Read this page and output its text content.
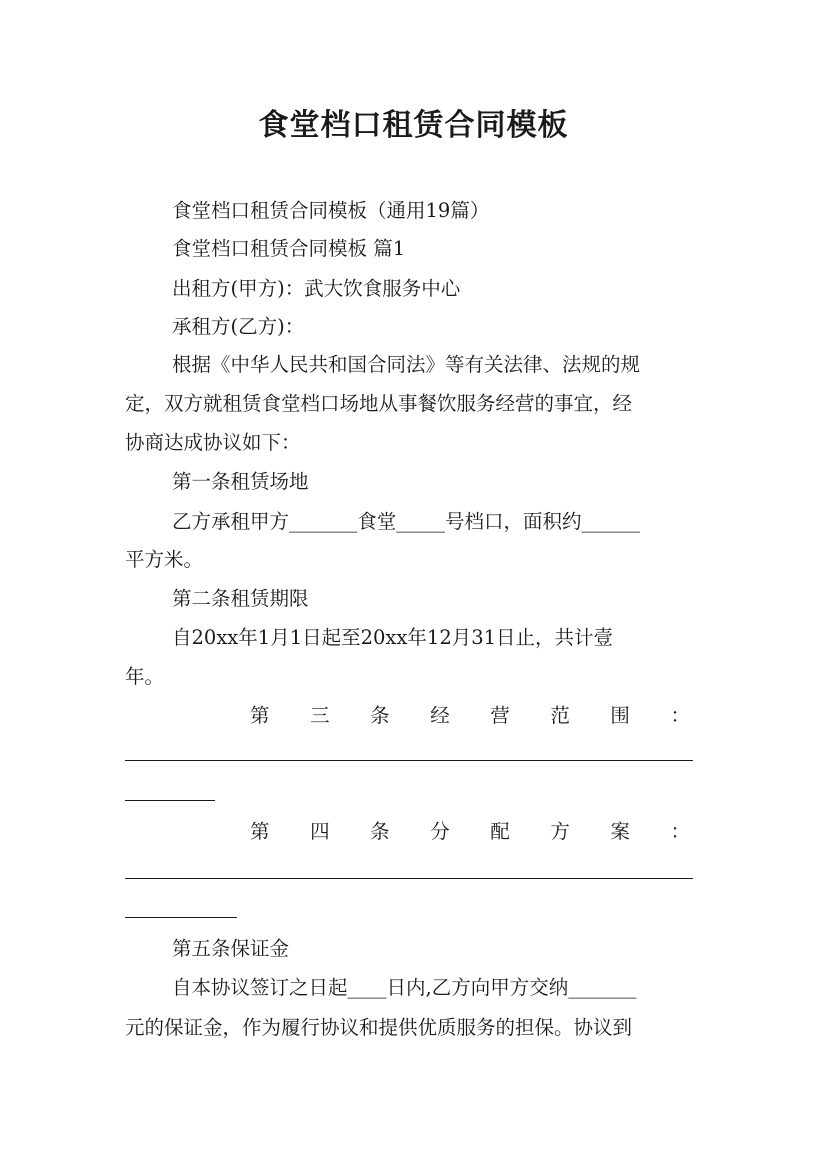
食堂档口租赁合同模板
食堂档口租赁合同模板（通用19篇）
食堂档口租赁合同模板 篇1
出租方(甲方)：武大饮食服务中心
承租方(乙方)：
根据《中华人民共和国合同法》等有关法律、法规的规
定，双方就租赁食堂档口场地从事餐饮服务经营的事宜，经
协商达成协议如下：
第一条租赁场地
乙方承租甲方_______食堂_____号档口，面积约______
平方米。
第二条租赁期限
自20xx年1月1日起至20xx年12月31日止，共计壹
年。
第 三 条 经 营 范 围 ：
第 四 条 分 配 方 案 ：
第五条保证金
自本协议签订之日起____日内,乙方向甲方交纳_______
元的保证金，作为履行协议和提供优质服务的担保。协议到
